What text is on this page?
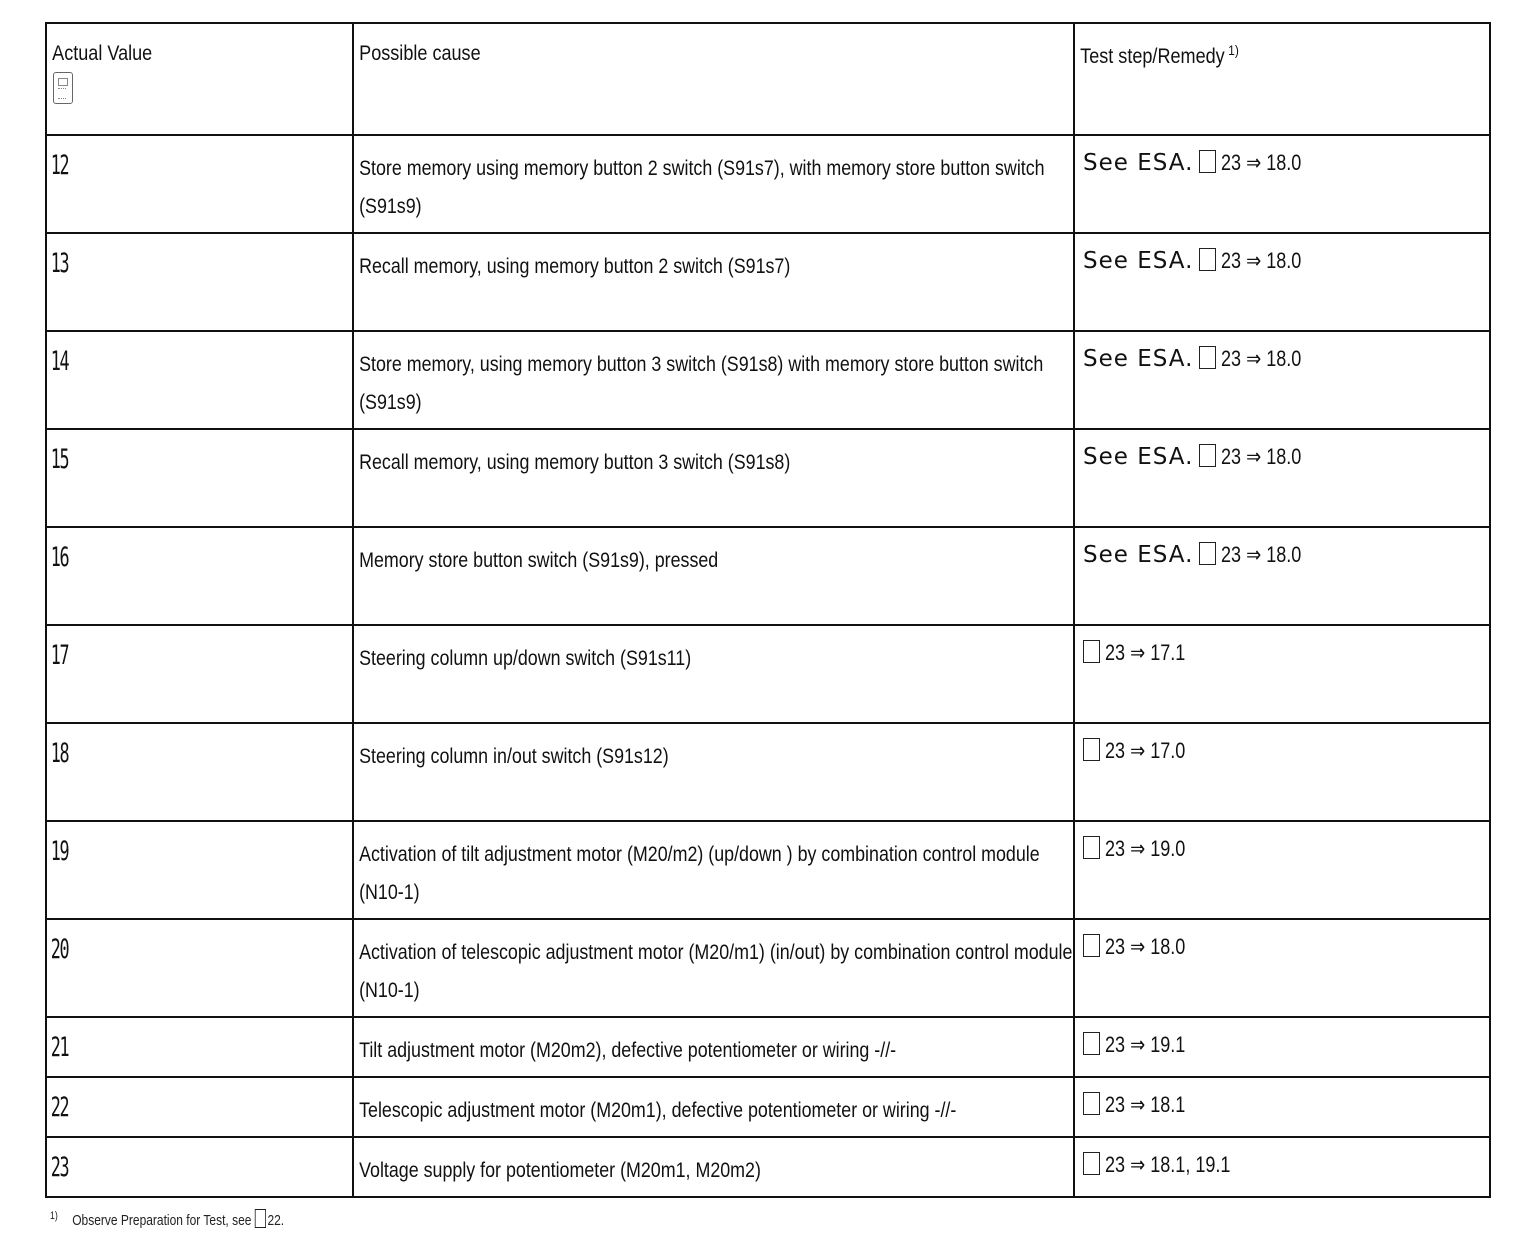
Actual Value	Possible cause	Test step/Remedy $^{1)}$

12	Store memory using memory button 2 switch (S91s7), with memory store button switch (S91s9)	See ESA. 23 ⇒ 18.0

13	Recall memory, using memory button 2 switch (S91s7)	See ESA. 23 ⇒ 18.0

14	Store memory, using memory button 3 switch (S91s8) with memory store button switch (S91s9)	See ESA. 23 ⇒ 18.0

15	Recall memory, using memory button 3 switch (S91s8)	See ESA. 23 ⇒ 18.0

16	Memory store button switch (S91s9), pressed	See ESA. 23 ⇒ 18.0

17	Steering column up/down switch (S91s11)	23 ⇒ 17.1

18	Steering column in/out switch (S91s12)	23 ⇒ 17.0

19	Activation of tilt adjustment motor (M20/m2) (up/down ) by combination control module (N10-1)	23 ⇒ 19.0

20	Activation of telescopic adjustment motor (M20/m1) (in/out) by combination control module (N10-1)	23 ⇒ 18.0

21	Tilt adjustment motor (M20m2), defective potentiometer or wiring -//-	23 ⇒ 19.1

22	Telescopic adjustment motor (M20m1), defective potentiometer or wiring -//-	23 ⇒ 18.1

23	Voltage supply for potentiometer (M20m1, M20m2)	23 ⇒ 18.1, 19.1
$^{1)}$ Observe Preparation for Test, see 22.
